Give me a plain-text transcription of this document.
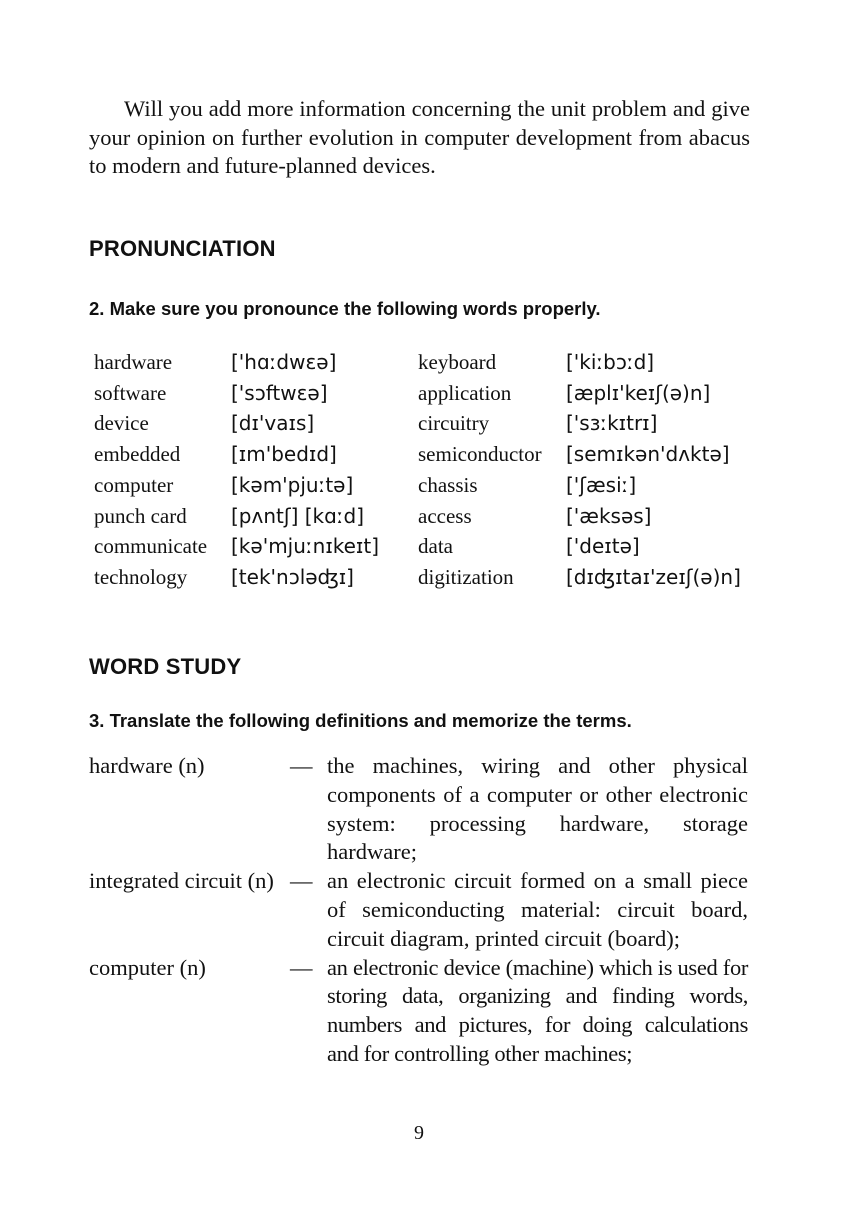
Will you add more information concerning the unit problem and give your opinion on further evolution in computer development from abacus to modern and future-planned devices.

PRONUNCIATION

2. Make sure you pronounce the following words properly.

hardware	['hɑːdwɛə]	keyboard	['kiːbɔːd]
software	['sɔftwɛə]	application	[æplɪ'keɪʃ(ə)n]
device	[dɪ'vaɪs]	circuitry	['sɜːkɪtrɪ]
embedded	[ɪm'bedɪd]	semiconductor [semɪkən'dʌktə]
computer	[kəm'pjuːtə]	chassis	['ʃæsiː]
punch card [pʌntʃ] [kɑːd]	access	['æksəs]
communicate [kə'mjuːnɪkeɪt] data	['deɪtə]
technology [tek'nɔləʤɪ]	digitization	[dɪʤɪtaɪ'zeɪʃ(ə)n]
WORD STUDY

3. Translate the following definitions and memorize the terms.

hardware (n)	— the machines, wiring and other physical components of a computer or other electronic system: processing hardware, storage hardware;

integrated circuit (n) — an electronic circuit formed on a small piece of semiconducting material: circuit board, circuit diagram, printed circuit (board);

computer (n)	— an electronic device (machine) which is used for storing data, organizing and finding words, numbers and pictures, for doing calculations and for controlling other machines;

9
